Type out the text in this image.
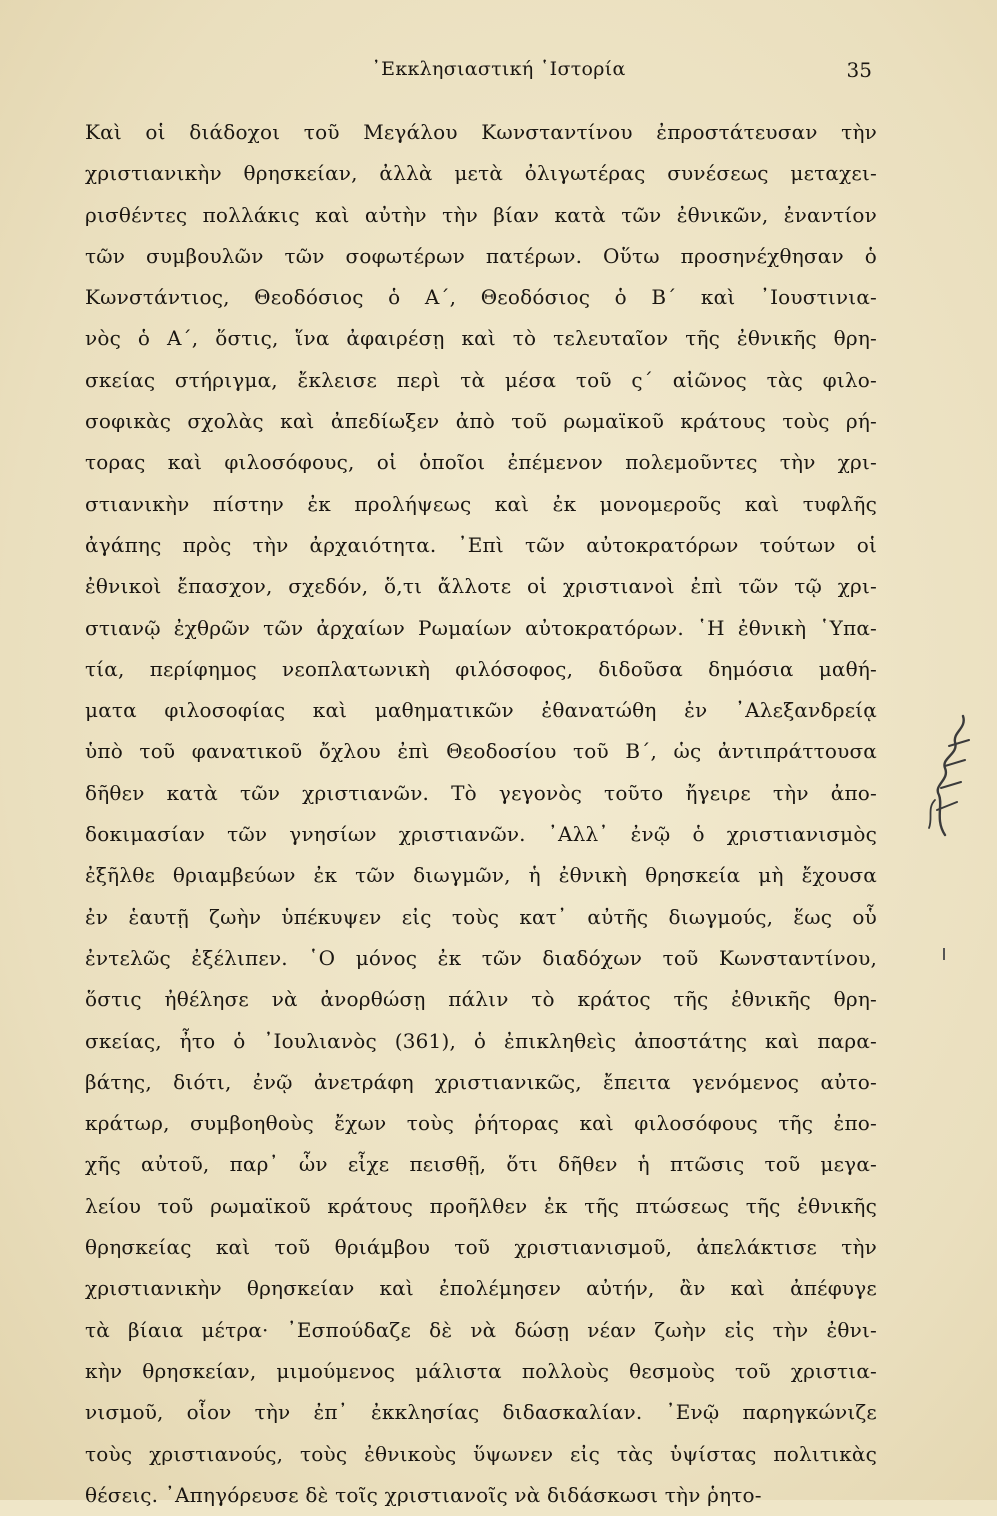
᾿Εκκλησιαστική ῾Ιστορία	35
Καὶ οἱ διάδοχοι τοῦ Μεγάλου Κωνσταντίνου ἐπροστάτευσαν τὴν
χριστιανικὴν θρησκείαν, ἀλλὰ μετὰ ὀλιγωτέρας συνέσεως μεταχει-
ρισθέντες πολλάκις καὶ αὐτὴν τὴν βίαν κατὰ τῶν ἐθνικῶν, ἐναντίον
τῶν συμβουλῶν τῶν σοφωτέρων πατέρων. Οὕτω προσηνέχθησαν ὁ
Κωνστάντιος, Θεοδόσιος ὁ Α΄, Θεοδόσιος ὁ Β΄ καὶ ᾿Ιουστινια-
νὸς ὁ Α΄, ὅστις, ἵνα ἀφαιρέσῃ καὶ τὸ τελευταῖον τῆς ἐθνικῆς θρη-
σκείας στήριγμα, ἔκλεισε περὶ τὰ μέσα τοῦ ς΄ αἰῶνος τὰς φιλο-
σοφικὰς σχολὰς καὶ ἀπεδίωξεν ἀπὸ τοῦ ρωμαϊκοῦ κράτους τοὺς ρή-
τορας καὶ φιλοσόφους, οἱ ὁποῖοι ἐπέμενον πολεμοῦντες τὴν χρι-
στιανικὴν πίστην ἐκ προλήψεως καὶ ἐκ μονομεροῦς καὶ τυφλῆς
ἀγάπης πρὸς τὴν ἀρχαιότητα. ᾿Επὶ τῶν αὐτοκρατόρων τούτων οἱ
ἐθνικοὶ ἔπασχον, σχεδόν, ὅ,τι ἄλλοτε οἱ χριστιανοὶ ἐπὶ τῶν τῷ χρι-
στιανῷ ἐχθρῶν τῶν ἀρχαίων Ρωμαίων αὐτοκρατόρων. ῾Η ἐθνικὴ ῾Υπα-
τία, περίφημος νεοπλατωνικὴ φιλόσοφος, διδοῦσα δημόσια μαθή-
ματα φιλοσοφίας καὶ μαθηματικῶν ἐθανατώθη ἐν ᾿Αλεξανδρείᾳ
ὑπὸ τοῦ φανατικοῦ ὄχλου ἐπὶ Θεοδοσίου τοῦ Β΄, ὡς ἀντιπράττουσα
δῆθεν κατὰ τῶν χριστιανῶν. Τὸ γεγονὸς τοῦτο ἤγειρε τὴν ἀπο-
δοκιμασίαν τῶν γνησίων χριστιανῶν. ᾿Αλλ᾿ ἐνῷ ὁ χριστιανισμὸς
ἐξῆλθε θριαμβεύων ἐκ τῶν διωγμῶν, ἡ ἐθνικὴ θρησκεία μὴ ἔχουσα
ἐν ἑαυτῇ ζωὴν ὑπέκυψεν εἰς τοὺς κατ᾿ αὐτῆς διωγμούς, ἕως οὗ
ἐντελῶς ἐξέλιπεν. ῾Ο μόνος ἐκ τῶν διαδόχων τοῦ Κωνσταντίνου,
ὅστις ἠθέλησε νὰ ἀνορθώσῃ πάλιν τὸ κράτος τῆς ἐθνικῆς θρη-
σκείας, ἦτο ὁ ᾿Ιουλιανὸς (361), ὁ ἐπικληθεὶς ἀποστάτης καὶ παρα-
βάτης, διότι, ἐνῷ ἀνετράφη χριστιανικῶς, ἔπειτα γενόμενος αὐτο-
κράτωρ, συμβοηθοὺς ἔχων τοὺς ῥήτορας καὶ φιλοσόφους τῆς ἐπο-
χῆς αὐτοῦ, παρ᾿ ὧν εἶχε πεισθῇ, ὅτι δῆθεν ἡ πτῶσις τοῦ μεγα-
λείου τοῦ ρωμαϊκοῦ κράτους προῆλθεν ἐκ τῆς πτώσεως τῆς ἐθνικῆς
θρησκείας καὶ τοῦ θριάμβου τοῦ χριστιανισμοῦ, ἀπελάκτισε τὴν
χριστιανικὴν θρησκείαν καὶ ἐπολέμησεν αὐτήν, ἂν καὶ ἀπέφυγε
τὰ βίαια μέτρα· ᾿Εσπούδαζε δὲ νὰ δώσῃ νέαν ζωὴν εἰς τὴν ἐθνι-
κὴν θρησκείαν, μιμούμενος μάλιστα πολλοὺς θεσμοὺς τοῦ χριστια-
νισμοῦ, οἷον τὴν ἐπ᾿ ἐκκλησίας διδασκαλίαν. ᾿Ενῷ παρηγκώνιζε
τοὺς χριστιανούς, τοὺς ἐθνικοὺς ὕψωνεν εἰς τὰς ὑψίστας πολιτικὰς
θέσεις. ᾿Απηγόρευσε δὲ τοῖς χριστιανοῖς νὰ διδάσκωσι τὴν ῥητο-
